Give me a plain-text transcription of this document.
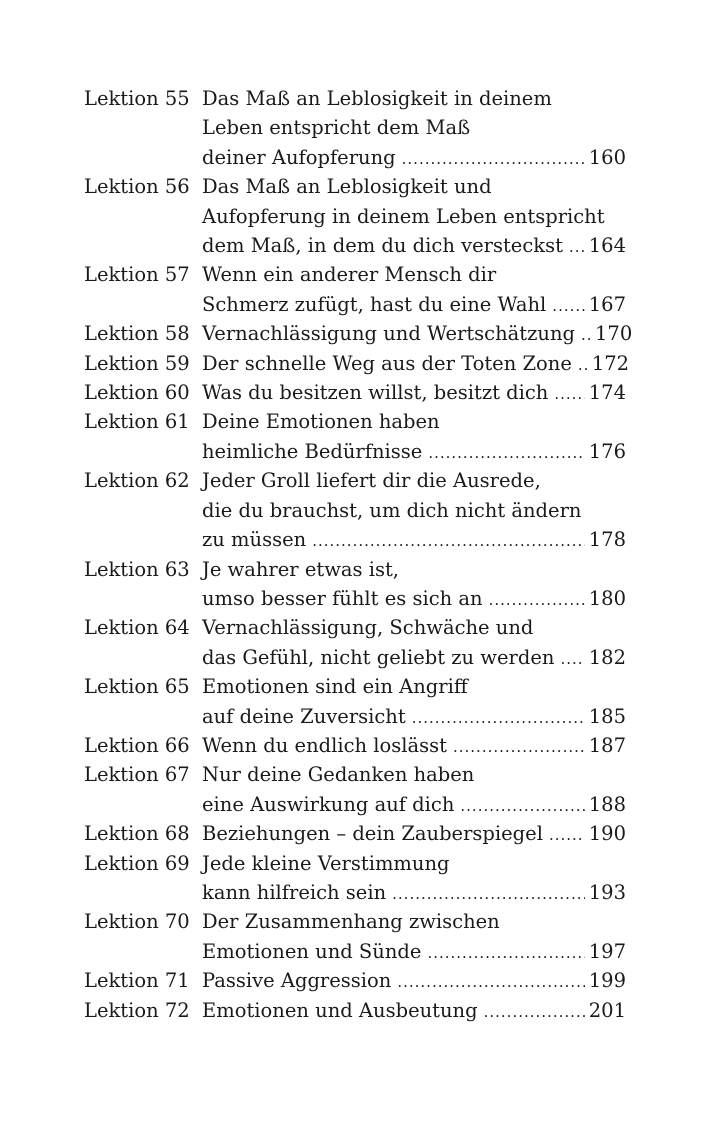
Lektion 55 Das Maß an Leblosigkeit in deinem
Leben entspricht dem Maß
deiner Aufopferung .....	160
Lektion 56 Das Maß an Leblosigkeit und
Aufopferung in deinem Leben entspricht
dem Maß, in dem du dich versteckst ..... 164
Lektion 57 Wenn ein anderer Mensch dir
Schmerz zufügt, hast du eine Wahl ..... 167
Lektion 58 Vernachlässigung und Wertschätzung ..... 170
Lektion 59 Der schnelle Weg aus der Toten Zone ..... 172
Lektion 60 Was du besitzen willst, besitzt dich ..... 174
Lektion 61 Deine Emotionen haben
heimliche Bedürfnisse .....	176
Lektion 62 Jeder Groll liefert dir die Ausrede,
die du brauchst, um dich nicht ändern
zu müssen .....	178
Lektion 63 Je wahrer etwas ist,
umso besser fühlt es sich an .....	180
Lektion 64 Vernachlässigung, Schwäche und
das Gefühl, nicht geliebt zu werden ..... 182
Lektion 65 Emotionen sind ein Angriff
auf deine Zuversicht .....	185
Lektion 66 Wenn du endlich loslässt .....	187
Lektion 67 Nur deine Gedanken haben
eine Auswirkung auf dich .....	188
Lektion 68 Beziehungen – dein Zauberspiegel ..... 190
Lektion 69 Jede kleine Verstimmung
kann hilfreich sein .....	193
Lektion 70 Der Zusammenhang zwischen
Emotionen und Sünde .....	197
Lektion 71 Passive Aggression .....	199
Lektion 72 Emotionen und Ausbeutung .....	201
